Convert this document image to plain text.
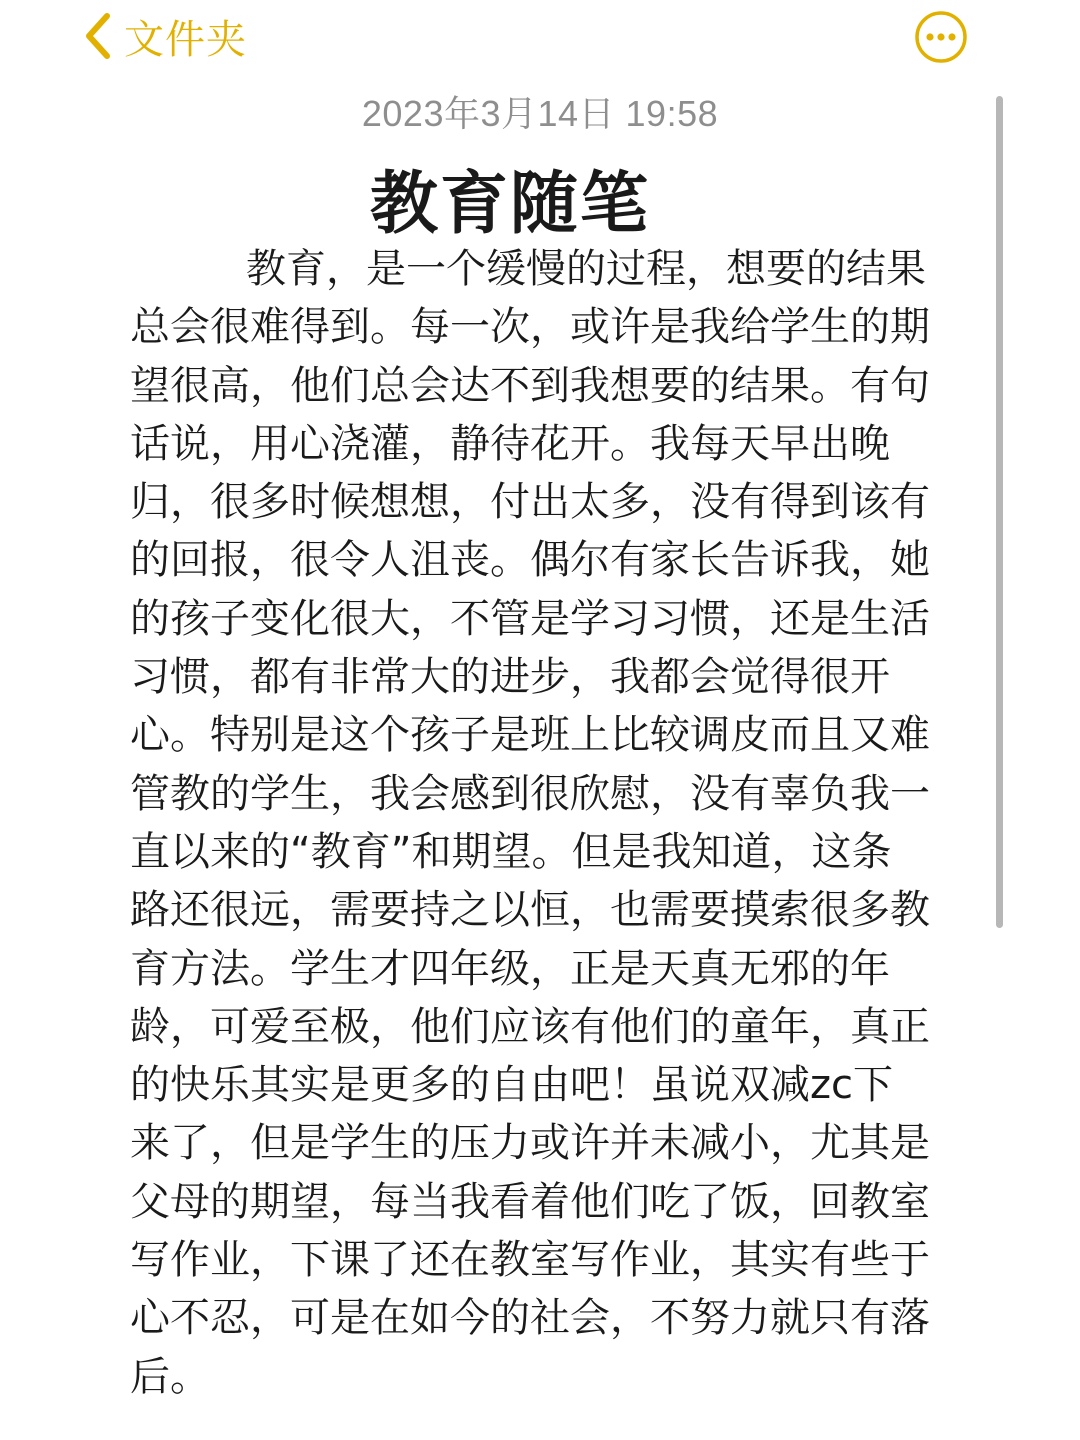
文件夹
2023年3月14日 19:58
教育随笔

教育，是一个缓慢的过程，想要的结果总会很难得到。每一次，或许是我给学生的期望很高，他们总会达不到我想要的结果。有句话说，用心浇灌，静待花开。我每天早出晚归，很多时候想想，付出太多，没有得到该有的回报，很令人沮丧。偶尔有家长告诉我，她的孩子变化很大，不管是学习习惯，还是生活习惯，都有非常大的进步，我都会觉得很开心。特别是这个孩子是班上比较调皮而且又难管教的学生，我会感到很欣慰，没有辜负我一直以来的“教育”和期望。但是我知道，这条路还很远，需要持之以恒，也需要摸索很多教育方法。学生才四年级，正是天真无邪的年龄，可爱至极，他们应该有他们的童年，真正的快乐其实是更多的自由吧！虽说双减zc下来了，但是学生的压力或许并未减小，尤其是父母的期望，每当我看着他们吃了饭，回教室写作业，下课了还在教室写作业，其实有些于心不忍，可是在如今的社会，不努力就只有落后。
